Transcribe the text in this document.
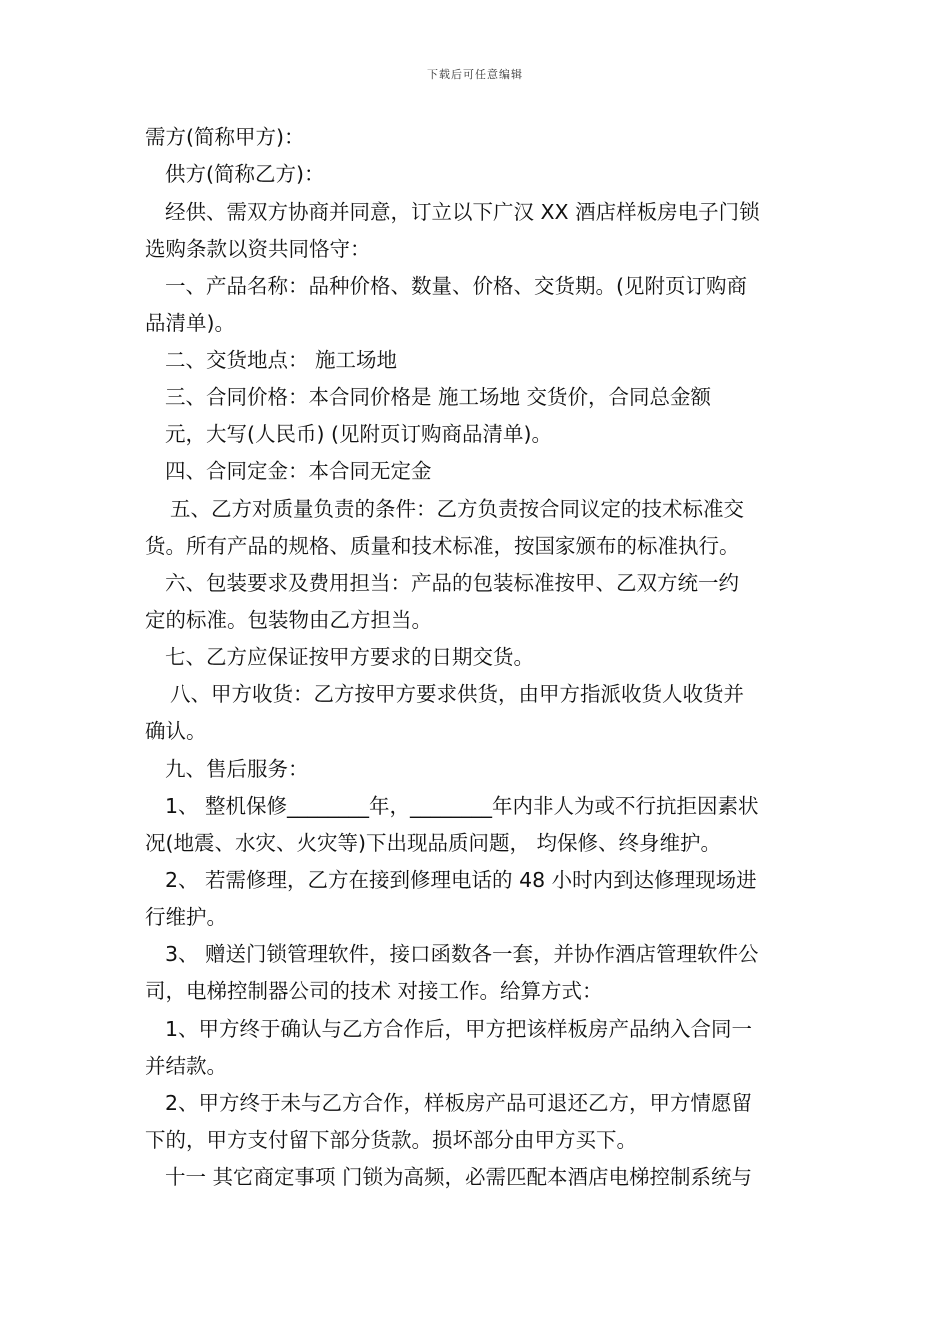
下载后可任意编辑
需方(简称甲方)：
供方(简称乙方)：
经供、需双方协商并同意，订立以下广汉 XX 酒店样板房电子门锁
选购条款以资共同恪守：
一、产品名称：品种价格、数量、价格、交货期。(见附页订购商
品清单)。
二、交货地点： 施工场地
三、合同价格：本合同价格是 施工场地 交货价，合同总金额
元，大写(人民币) (见附页订购商品清单)。
四、合同定金：本合同无定金
五、乙方对质量负责的条件：乙方负责按合同议定的技术标准交
货。所有产品的规格、质量和技术标准，按国家颁布的标准执行。
六、包装要求及费用担当：产品的包装标准按甲、乙双方统一约
定的标准。包装物由乙方担当。
七、乙方应保证按甲方要求的日期交货。
八、甲方收货：乙方按甲方要求供货，由甲方指派收货人收货并
确认。
九、售后服务：
1、 整机保修________年，________年内非人为或不行抗拒因素状
况(地震、水灾、火灾等)下出现品质问题， 均保修、终身维护。
2、 若需修理，乙方在接到修理电话的 48 小时内到达修理现场进
行维护。
3、 赠送门锁管理软件，接口函数各一套，并协作酒店管理软件公
司，电梯控制器公司的技术 对接工作。给算方式：
1、甲方终于确认与乙方合作后，甲方把该样板房产品纳入合同一
并结款。
2、甲方终于未与乙方合作，样板房产品可退还乙方，甲方情愿留
下的，甲方支付留下部分货款。损坏部分由甲方买下。
十一 其它商定事项 门锁为高频，必需匹配本酒店电梯控制系统与
